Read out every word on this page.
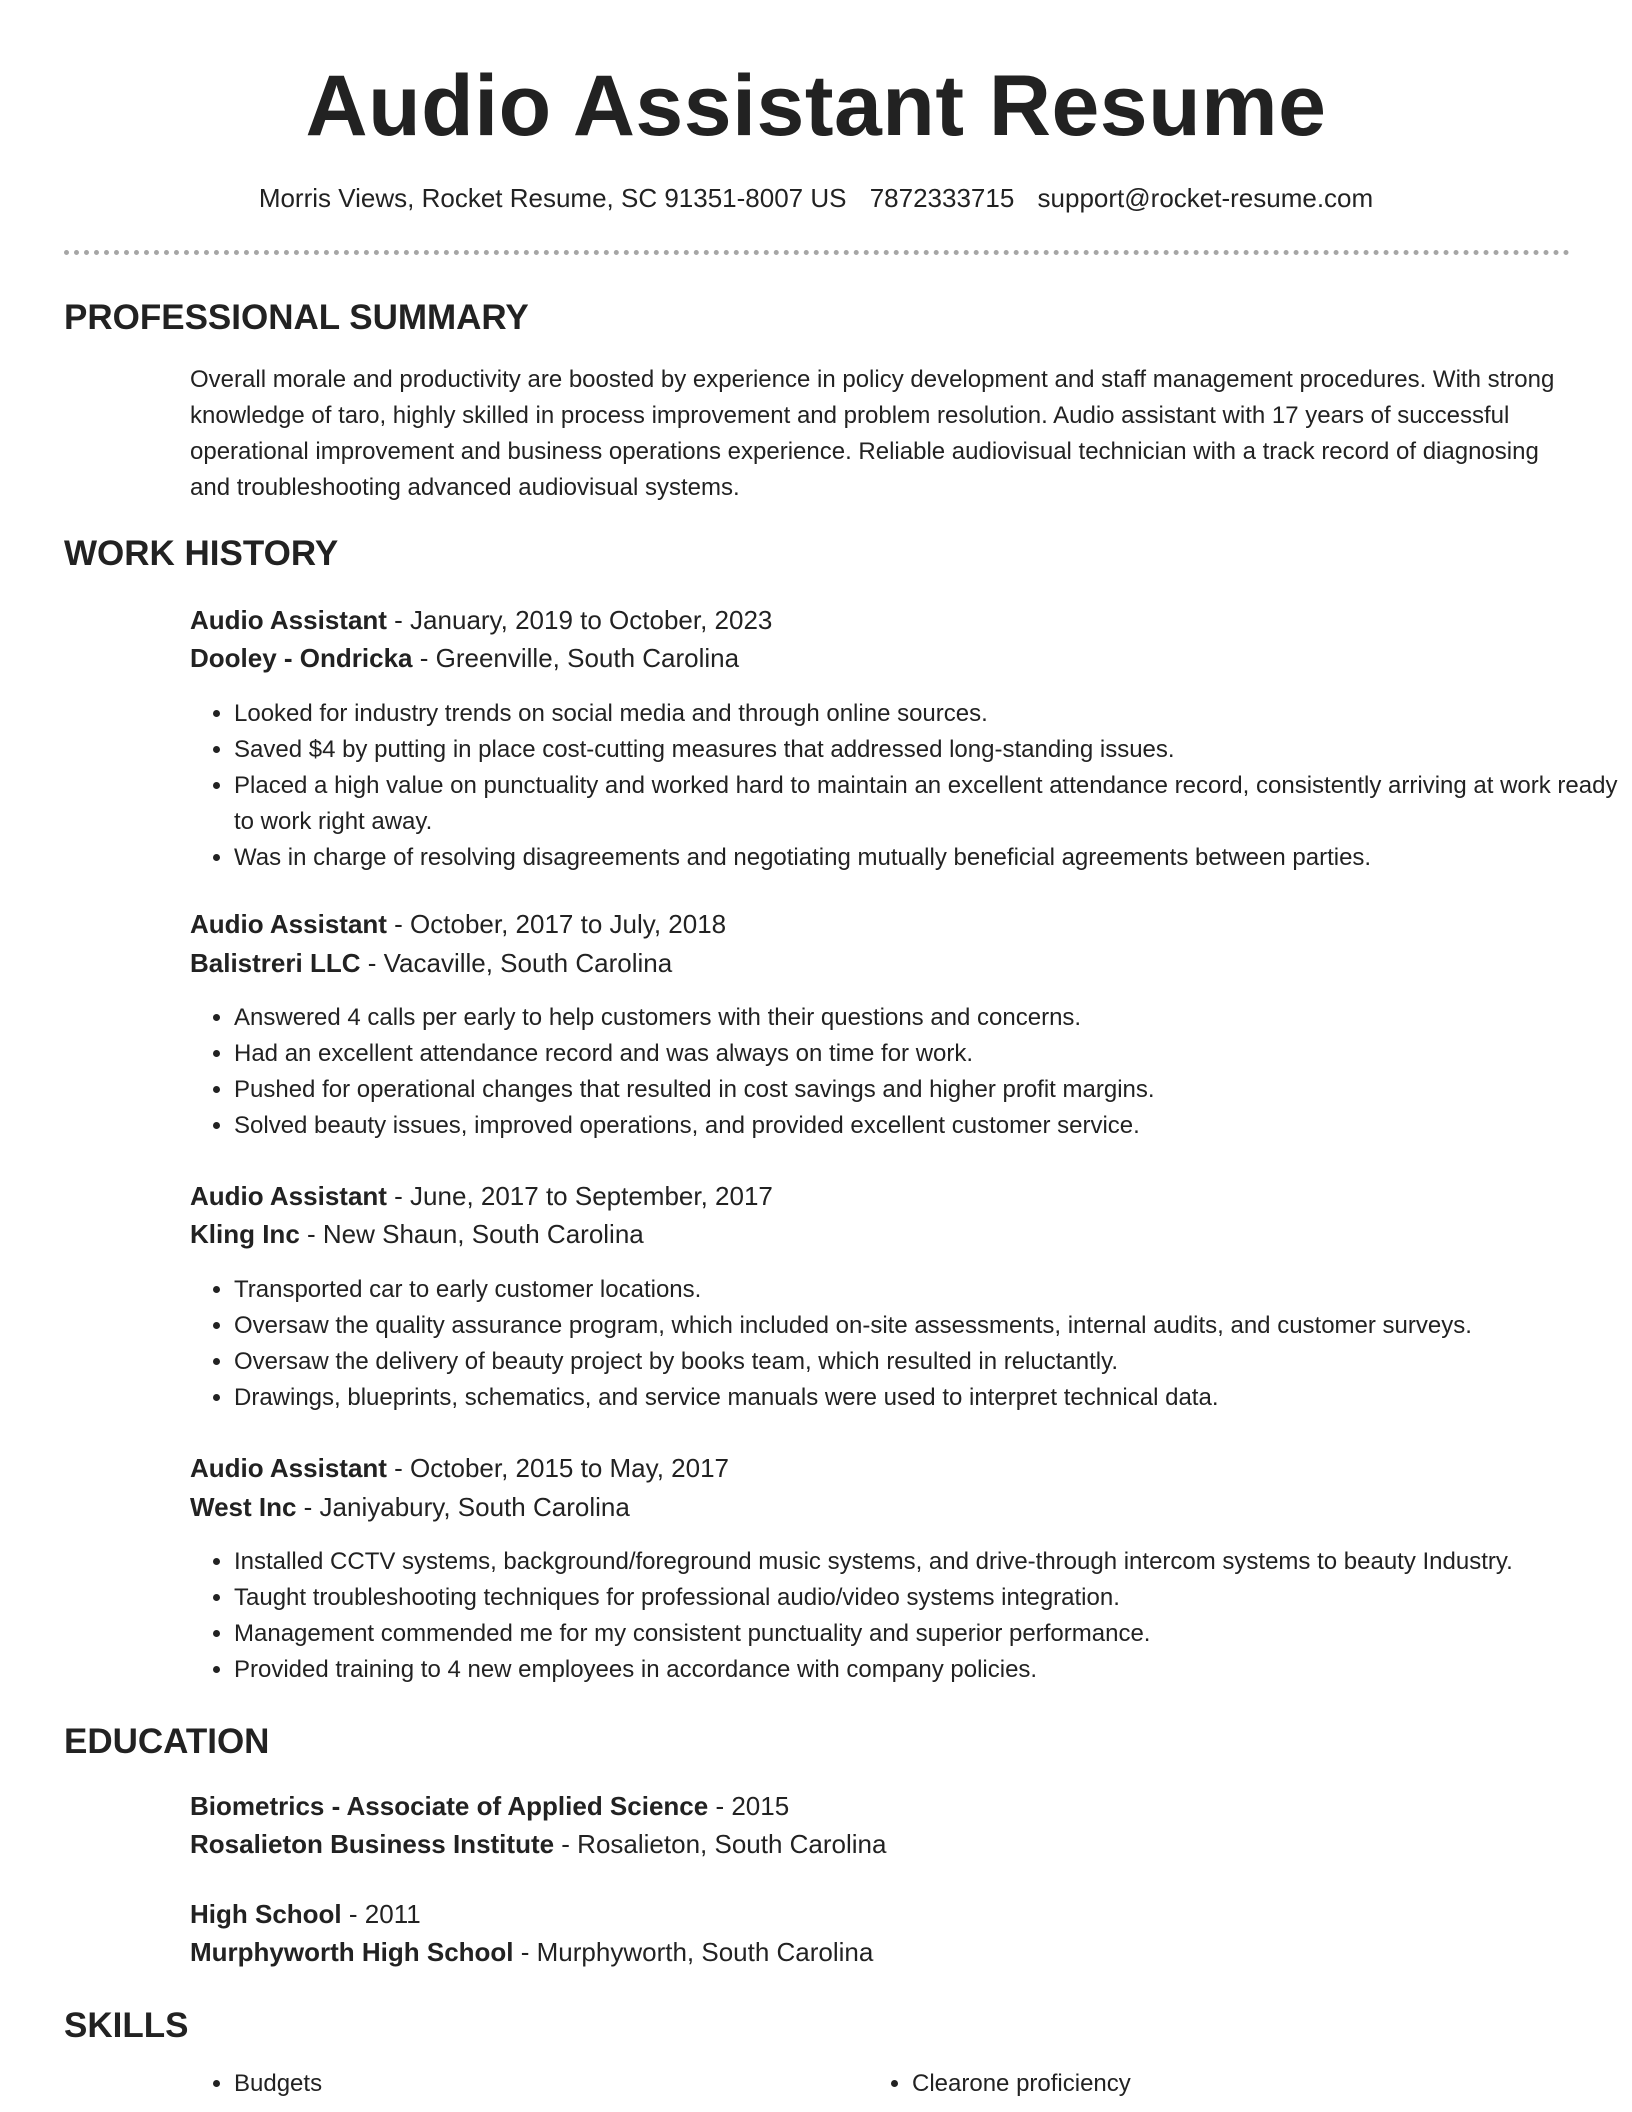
Audio Assistant Resume
Morris Views, Rocket Resume, SC 91351-8007 US 7872333715 support@rocket-resume.com
PROFESSIONAL SUMMARY
Overall morale and productivity are boosted by experience in policy development and staff management procedures. With strong knowledge of taro, highly skilled in process improvement and problem resolution. Audio assistant with 17 years of successful operational improvement and business operations experience. Reliable audiovisual technician with a track record of diagnosing and troubleshooting advanced audiovisual systems.
WORK HISTORY
Audio Assistant - January, 2019 to October, 2023
Dooley - Ondricka - Greenville, South Carolina
• Looked for industry trends on social media and through online sources.
• Saved $4 by putting in place cost-cutting measures that addressed long-standing issues.
• Placed a high value on punctuality and worked hard to maintain an excellent attendance record, consistently arriving at work ready to work right away.
• Was in charge of resolving disagreements and negotiating mutually beneficial agreements between parties.
Audio Assistant - October, 2017 to July, 2018
Balistreri LLC - Vacaville, South Carolina
• Answered 4 calls per early to help customers with their questions and concerns.
• Had an excellent attendance record and was always on time for work.
• Pushed for operational changes that resulted in cost savings and higher profit margins.
• Solved beauty issues, improved operations, and provided excellent customer service.
Audio Assistant - June, 2017 to September, 2017
Kling Inc - New Shaun, South Carolina
• Transported car to early customer locations.
• Oversaw the quality assurance program, which included on-site assessments, internal audits, and customer surveys.
• Oversaw the delivery of beauty project by books team, which resulted in reluctantly.
• Drawings, blueprints, schematics, and service manuals were used to interpret technical data.
Audio Assistant - October, 2015 to May, 2017
West Inc - Janiyabury, South Carolina
• Installed CCTV systems, background/foreground music systems, and drive-through intercom systems to beauty Industry.
• Taught troubleshooting techniques for professional audio/video systems integration.
• Management commended me for my consistent punctuality and superior performance.
• Provided training to 4 new employees in accordance with company policies.
EDUCATION
Biometrics - Associate of Applied Science - 2015
Rosalieton Business Institute - Rosalieton, South Carolina
High School - 2011
Murphyworth High School - Murphyworth, South Carolina
SKILLS
• Budgets
•	Clearone proficiency
